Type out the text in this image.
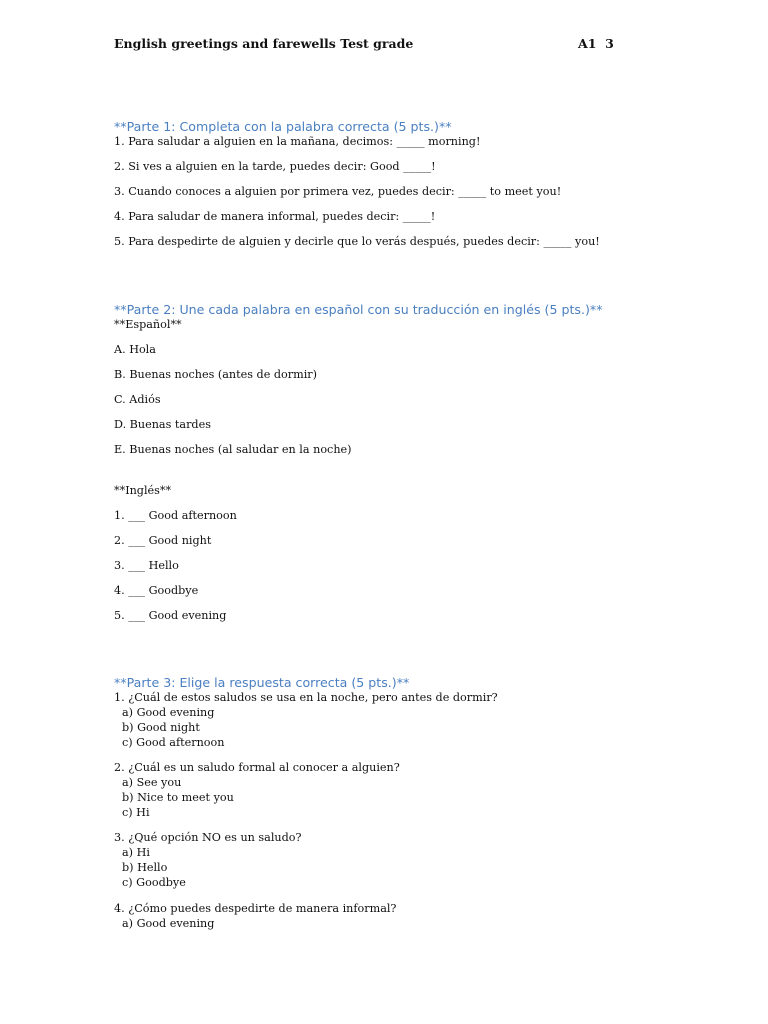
English greetings and farewells Test grade	A1  3
**Parte 1: Completa con la palabra correcta (5 pts.)**
1. Para saludar a alguien en la mañana, decimos: _____ morning!
2. Si ves a alguien en la tarde, puedes decir: Good _____!
3. Cuando conoces a alguien por primera vez, puedes decir: _____ to meet you!
4. Para saludar de manera informal, puedes decir: _____!
5. Para despedirte de alguien y decirle que lo verás después, puedes decir: _____ you!
**Parte 2: Une cada palabra en español con su traducción en inglés (5 pts.)**
**Español**
A. Hola
B. Buenas noches (antes de dormir)
C. Adiós
D. Buenas tardes
E. Buenas noches (al saludar en la noche)
**Inglés**
1. ___ Good afternoon
2. ___ Good night
3. ___ Hello
4. ___ Goodbye
5. ___ Good evening
**Parte 3: Elige la respuesta correcta (5 pts.)**
1. ¿Cuál de estos saludos se usa en la noche, pero antes de dormir?
a) Good evening
b) Good night
c) Good afternoon
2. ¿Cuál es un saludo formal al conocer a alguien?
a) See you
b) Nice to meet you
c) Hi
3. ¿Qué opción NO es un saludo?
a) Hi
b) Hello
c) Goodbye
4. ¿Cómo puedes despedirte de manera informal?
a) Good evening
